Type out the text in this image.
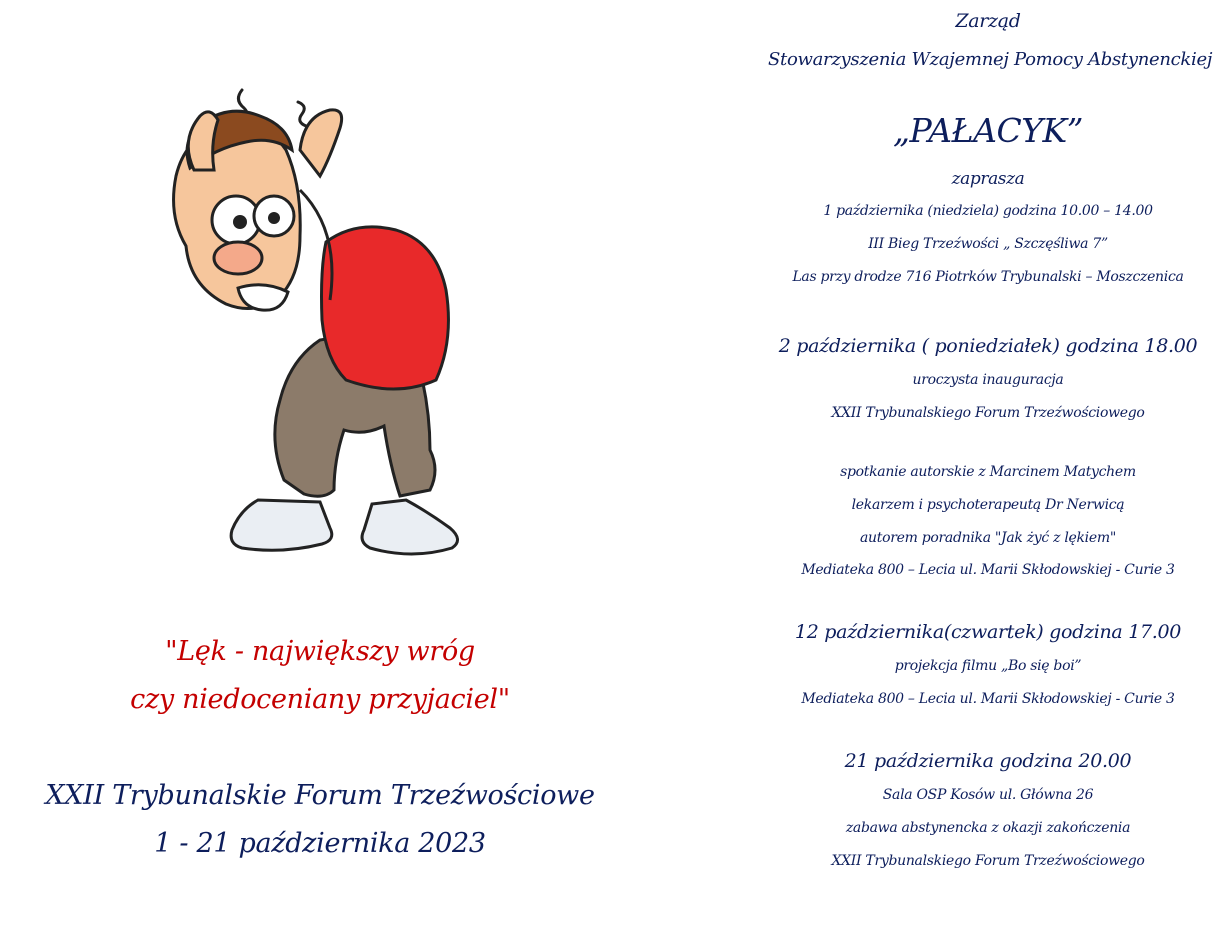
"Lęk - największy wróg
czy niedoceniany przyjaciel"
XXII Trybunalskie Forum Trzeźwościowe
1 - 21 października 2023
Zarząd
Stowarzyszenia Wzajemnej Pomocy Abstynenckiej
„PAŁACYK”
zaprasza
1 października (niedziela) godzina 10.00 – 14.00
III Bieg Trzeźwości „ Szczęśliwa 7”
Las przy drodze 716 Piotrków Trybunalski – Moszczenica
2 października ( poniedziałek) godzina 18.00
uroczysta inauguracja
XXII Trybunalskiego Forum Trzeźwościowego
spotkanie autorskie z Marcinem Matychem
lekarzem i psychoterapeutą Dr Nerwicą
autorem poradnika "Jak żyć z lękiem"
Mediateka 800 – Lecia ul. Marii Skłodowskiej - Curie 3
12 października(czwartek) godzina 17.00
projekcja filmu „Bo się boi”
Mediateka 800 – Lecia ul. Marii Skłodowskiej - Curie 3
21 października godzina 20.00
Sala OSP Kosów ul. Główna 26
zabawa abstynencka z okazji zakończenia
XXII Trybunalskiego Forum Trzeźwościowego
